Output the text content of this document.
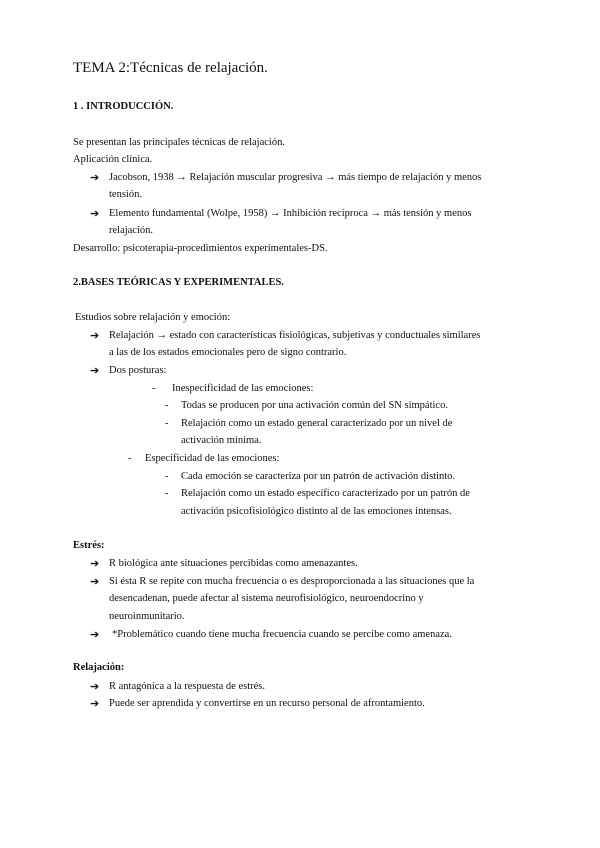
TEMA 2:Técnicas de relajación.
1 . INTRODUCCIÓN.
Se presentan las principales técnicas de relajación.
Aplicación clínica.
➔ Jacobson, 1938 → Relajación muscular progresiva → más tiempo de relajación y menos
tensión.
➔ Elemento fundamental (Wolpe, 1958) → Inhibición recíproca → más tensión y menos
relajación.
Desarrollo: psicoterapia-procedimientos experimentales-DS.
2.BASES TEÓRICAS Y EXPERIMENTALES.
Estudios sobre relajación y emoción:
➔ Relajación → estado con características fisiológicas, subjetivas y conductuales similares
a las de los estados emocionales pero de signo contrario.
➔ Dos posturas:
- Inespecificidad de las emociones:
- Todas se producen por una activación común del SN simpático.
- Relajación como un estado general caracterizado por un nivel de
activación mínima.
- Especificidad de las emociones:
- Cada emoción se caracteriza por un patrón de activación distinto.
- Relajación como un estado específico caracterizado por un patrón de
activación psicofisiológico distinto al de las emociones intensas.
Estrés:
➔ R biológica ante situaciones percibidas como amenazantes.
➔ Si ésta R se repite con mucha frecuencia o es desproporcionada a las situaciones que la
desencadenan, puede afectar al sistema neurofisiológico, neuroendocrino y
neuroinmunitario.
➔ *Problemático cuando tiene mucha frecuencia cuando se percibe como amenaza.
Relajación:
➔ R antagónica a la respuesta de estrés.
➔ Puede ser aprendida y convertirse en un recurso personal de afrontamiento.
